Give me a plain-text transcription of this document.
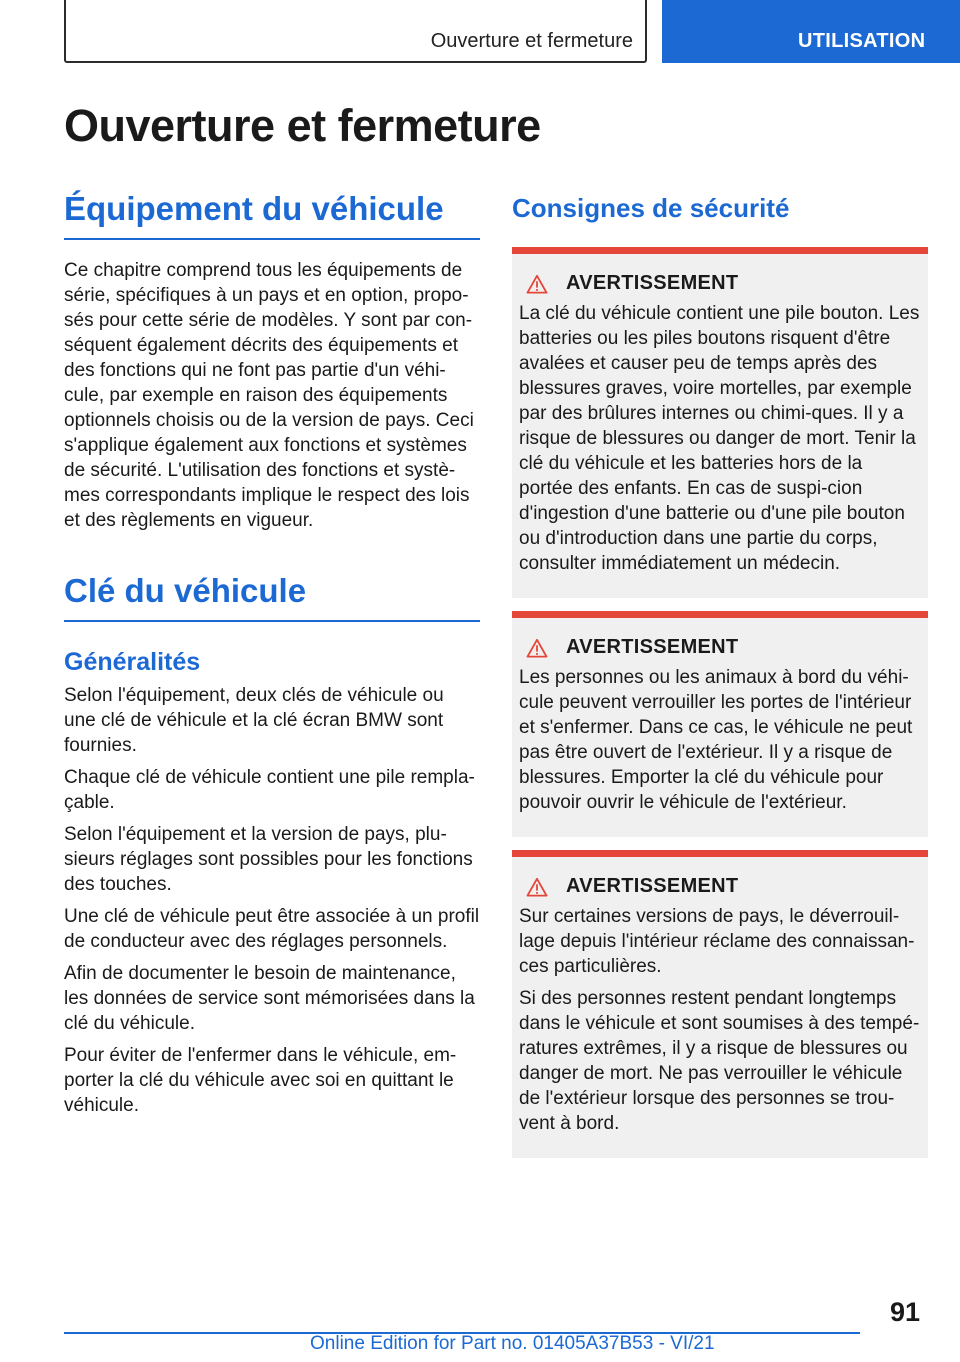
Ouverture et fermeture	UTILISATION
Ouverture et fermeture
Équipement du véhicule

Ce chapitre comprend tous les équipements de série, spécifiques à un pays et en option, propo-sés pour cette série de modèles. Y sont par con-séquent également décrits des équipements et des fonctions qui ne font pas partie d'un véhi-cule, par exemple en raison des équipements optionnels choisis ou de la version de pays. Ceci s'applique également aux fonctions et systèmes de sécurité. L'utilisation des fonctions et systè-mes correspondants implique le respect des lois et des règlements en vigueur.

Clé du véhicule
Généralités

Selon l'équipement, deux clés de véhicule ou une clé de véhicule et la clé écran BMW sont fournies.

Chaque clé de véhicule contient une pile rempla-çable.

Selon l'équipement et la version de pays, plu-sieurs réglages sont possibles pour les fonctions des touches.

Une clé de véhicule peut être associée à un profil de conducteur avec des réglages personnels.

Afin de documenter le besoin de maintenance, les données de service sont mémorisées dans la clé du véhicule.

Pour éviter de l'enfermer dans le véhicule, em-porter la clé du véhicule avec soi en quittant le véhicule.

Consignes de sécurité
AVERTISSEMENT

La clé du véhicule contient une pile bouton. Les batteries ou les piles boutons risquent d'être avalées et causer peu de temps après des blessures graves, voire mortelles, par exemple par des brûlures internes ou chimi-ques. Il y a risque de blessures ou danger de mort. Tenir la clé du véhicule et les batteries hors de la portée des enfants. En cas de suspi-cion d'ingestion d'une batterie ou d'une pile bouton ou d'introduction dans une partie du corps, consulter immédiatement un médecin.

AVERTISSEMENT

Les personnes ou les animaux à bord du véhi-cule peuvent verrouiller les portes de l'intérieur et s'enfermer. Dans ce cas, le véhicule ne peut pas être ouvert de l'extérieur. Il y a risque de blessures. Emporter la clé du véhicule pour pouvoir ouvrir le véhicule de l'extérieur.

AVERTISSEMENT

Sur certaines versions de pays, le déverrouil-lage depuis l'intérieur réclame des connaissan-ces particulières.

Si des personnes restent pendant longtemps dans le véhicule et sont soumises à des tempé-ratures extrêmes, il y a risque de blessures ou danger de mort. Ne pas verrouiller le véhicule de l'extérieur lorsque des personnes se trou-vent à bord.

91
Online Edition for Part no. 01405A37B53 - VI/21
